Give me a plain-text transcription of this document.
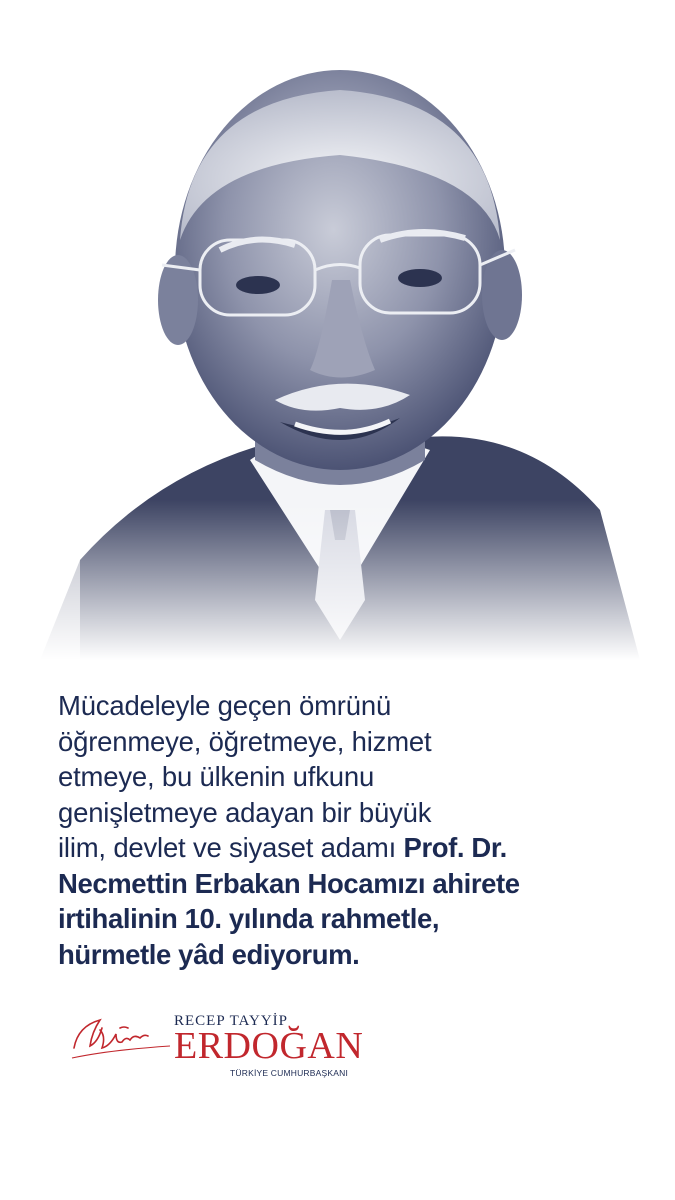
Mücadeleyle geçen ömrünü
öğrenmeye, öğretmeye, hizmet
etmeye, bu ülkenin ufkunu
genişletmeye adayan bir büyük
ilim, devlet ve siyaset adamı Prof. Dr.
Necmettin Erbakan Hocamızı ahirete
irtihalinin 10. yılında rahmetle,
hürmetle yâd ediyorum.
RECEP TAYYİP
ERDOĞAN
TÜRKİYE CUMHURBAŞKANI
